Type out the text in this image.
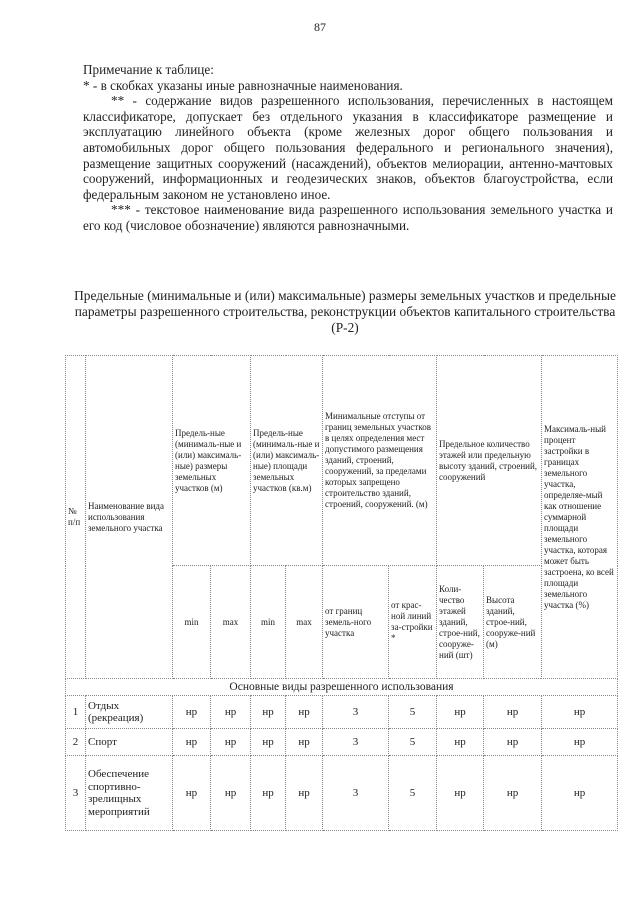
87

Примечание к таблице:

* - в скобках указаны иные равнозначные наименования.

** - содержание видов разрешенного использования, перечисленных в настоящем классификаторе, допускает без отдельного указания в классификаторе размещение и эксплуатацию линейного объекта (кроме железных дорог общего пользования и автомобильных дорог общего пользования федерального и регионального значения), размещение защитных сооружений (насаждений), объектов мелиорации, антенно-мачтовых сооружений, информационных и геодезических знаков, объектов благоустройства, если федеральным законом не установлено иное.

*** - текстовое наименование вида разрешенного использования земельного участка и его код (числовое обозначение) являются равнозначными.

Предельные (минимальные и (или) максимальные) размеры земельных участков и предельные параметры разрешенного строительства, реконструкции объектов капитального строительства
(Р-2)
№ п/п	Наименование вида использования земельного участка	Предель-ные (минималь-ные и (или) максималь-ные) размеры земельных участков (м)		Предель-ные (минималь-ные и (или) максималь-ные) площади земельных участков (кв.м)		Минимальные отступы от границ земельных участков в целях определения мест допустимого размещения зданий, строений, сооружений, за пределами которых запрещено строительство зданий, строений, сооружений. (м)		Предельное количество этажей или предельную высоту зданий, строений, сооружений		Максималь-ный процент застройки в границах земельного участка, определяе-мый как отношение суммарной площади земельного участка, которая может быть застроена, ко всей площади земельного участка (%)
		min	max	min	max	от границ земель-ного участка	от крас-ной линий за-стройки *	Коли-чество этажей зданий, строе-ний, сооруже-ний (шт)	Высота зданий, строе-ний, сооруже-ний (м)	
Основные виды разрешенного использования										
1	Отдых (рекреация)	нр	нр	нр	нр	3	5	нр	нр	нр
2	Спорт	нр	нр	нр	нр	3	5	нр	нр	нр
3	Обеспечение спортивно-зрелищных мероприятий	нр	нр	нр	нр	3	5	нр	нр	нр
